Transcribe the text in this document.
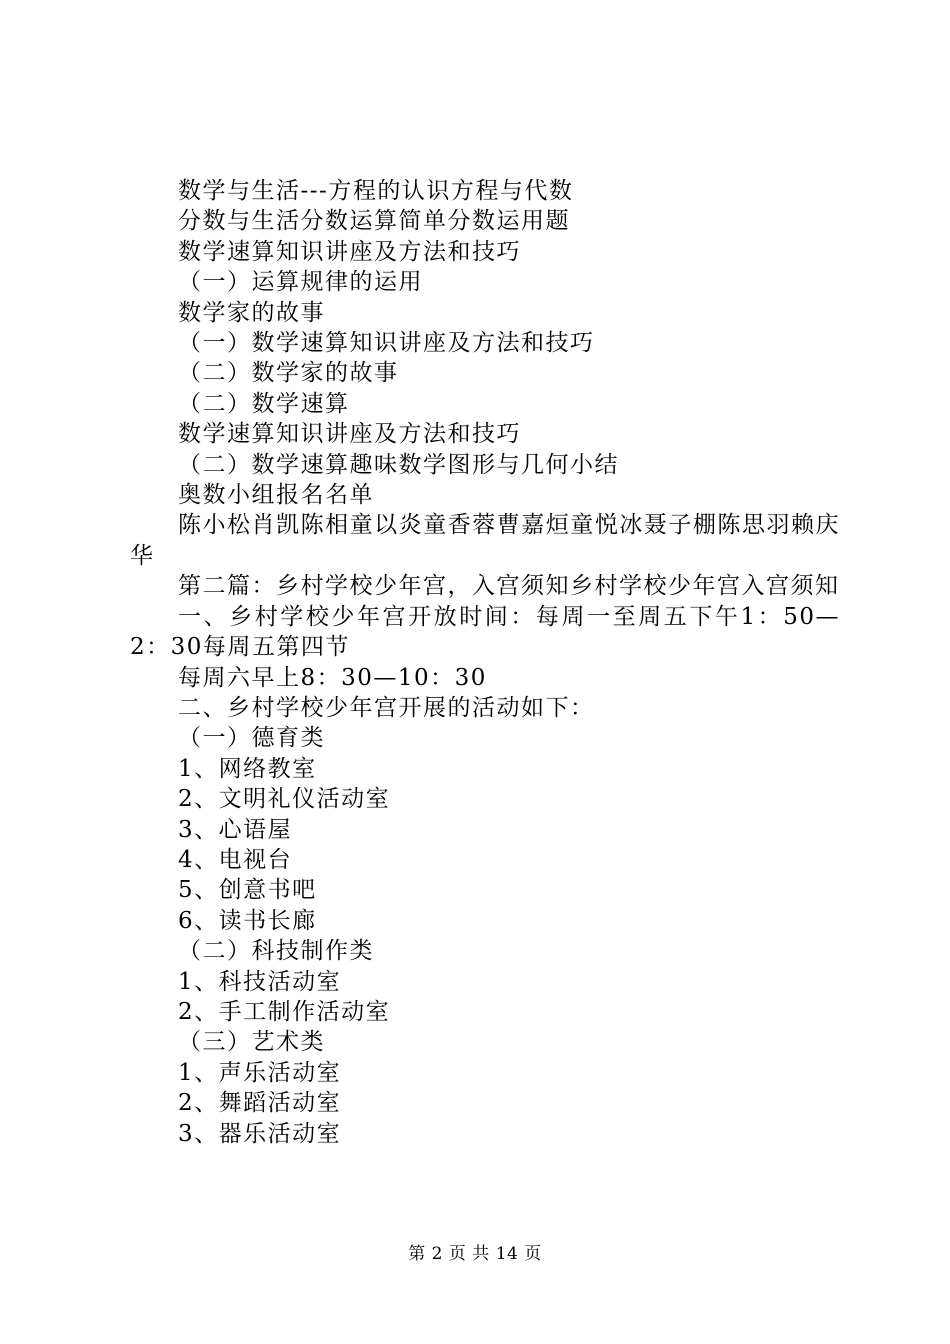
数学与生活---方程的认识方程与代数

分数与生活分数运算简单分数运用题

数学速算知识讲座及方法和技巧

（一）运算规律的运用

数学家的故事

（一）数学速算知识讲座及方法和技巧

（二）数学家的故事

（二）数学速算

数学速算知识讲座及方法和技巧

（二）数学速算趣味数学图形与几何小结

奥数小组报名名单

陈小松肖凯陈相童以炎童香蓉曹嘉烜童悦冰聂子棚陈思羽赖庆华

第二篇：乡村学校少年宫，入宫须知乡村学校少年宫入宫须知

一、乡村学校少年宫开放时间：每周一至周五下午1：50—2：30每周五第四节

每周六早上8：30—10：30

二、乡村学校少年宫开展的活动如下：

（一）德育类

1、网络教室

2、文明礼仪活动室

3、心语屋

4、电视台

5、创意书吧

6、读书长廊

（二）科技制作类

1、科技活动室

2、手工制作活动室

（三）艺术类

1、声乐活动室

2、舞蹈活动室

3、器乐活动室

第 2 页 共 14 页
